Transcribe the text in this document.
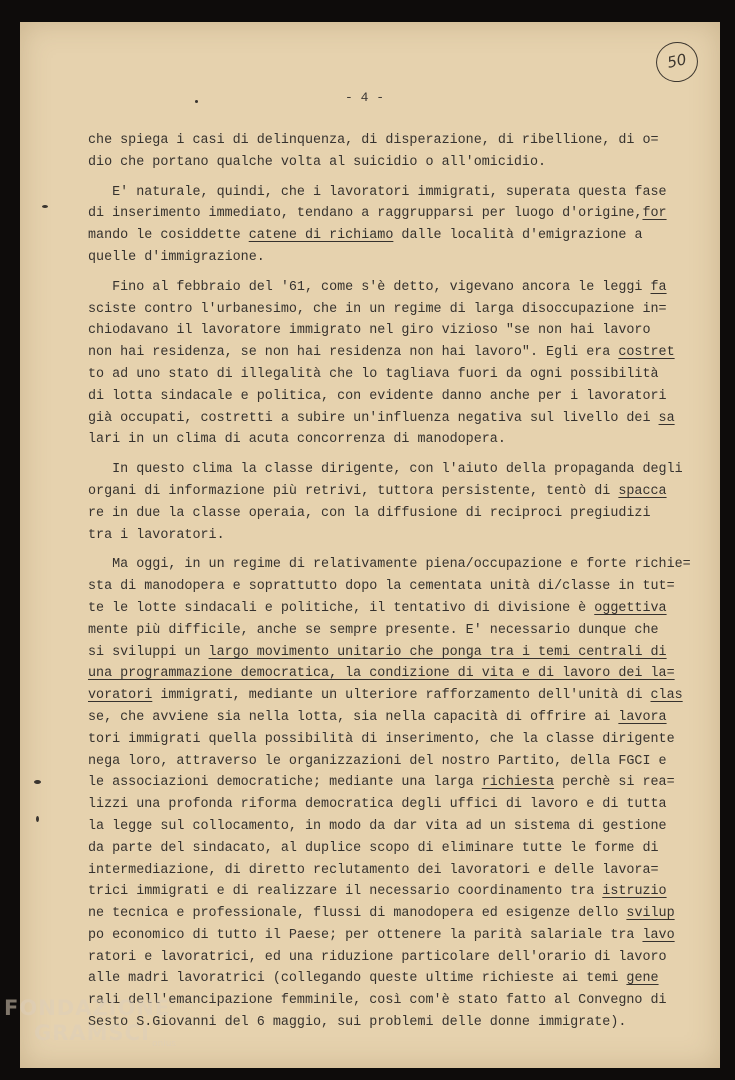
50
- 4 -
che spiega i casi di delinquenza, di disperazione, di ribellione, di o=
dio che portano qualche volta al suicidio o all'omicidio.
E' naturale, quindi, che i lavoratori immigrati, superata questa fase
di inserimento immediato, tendano a raggrupparsi per luogo d'origine,for
mando le cosiddette catene di richiamo dalle località d'emigrazione a
quelle d'immigrazione.
Fino al febbraio del '61, come s'è detto, vigevano ancora le leggi fa
sciste contro l'urbanesimo, che in un regime di larga disoccupazione in=
chiodavano il lavoratore immigrato nel giro vizioso "se non hai lavoro
non hai residenza, se non hai residenza non hai lavoro". Egli era costret
to ad uno stato di illegalità che lo tagliava fuori da ogni possibilità
di lotta sindacale e politica, con evidente danno anche per i lavoratori
già occupati, costretti a subire un'influenza negativa sul livello dei sa
lari in un clima di acuta concorrenza di manodopera.
In questo clima la classe dirigente, con l'aiuto della propaganda degli
organi di informazione più retrivi, tuttora persistente, tentò di spacca
re in due la classe operaia, con la diffusione di reciproci pregiudizi
tra i lavoratori.
Ma oggi, in un regime di relativamente piena/occupazione e forte richie=
sta di manodopera e soprattutto dopo la cementata unità di/classe in tut=
te le lotte sindacali e politiche, il tentativo di divisione è oggettiva
mente più difficile, anche se sempre presente. E' necessario dunque che
si sviluppi un largo movimento unitario che ponga tra i temi centrali di
una programmazione democratica, la condizione di vita e di lavoro dei la=
voratori immigrati, mediante un ulteriore rafforzamento dell'unità di clas
se, che avviene sia nella lotta, sia nella capacità di offrire ai lavora
tori immigrati quella possibilità di inserimento, che la classe dirigente
nega loro, attraverso le organizzazioni del nostro Partito, della FGCI e
le associazioni democratiche; mediante una larga richiesta perchè si rea=
lizzi una profonda riforma democratica degli uffici di lavoro e di tutta
la legge sul collocamento, in modo da dar vita ad un sistema di gestione
da parte del sindacato, al duplice scopo di eliminare tutte le forme di
intermediazione, di diretto reclutamento dei lavoratori e delle lavora=
trici immigrati e di realizzare il necessario coordinamento tra istruzio
ne tecnica e professionale, flussi di manodopera ed esigenze dello svilup
po economico di tutto il Paese; per ottenere la parità salariale tra lavo
ratori e lavoratrici, ed una riduzione particolare dell'orario di lavoro
alle madri lavoratrici (collegando queste ultime richieste ai temi gene
rali dell'emancipazione femminile, così com'è stato fatto al Convegno di
Sesto S.Giovanni del 6 maggio, sui problemi delle donne immigrate).
FONDAZIONE
GRAMSCI onlus
